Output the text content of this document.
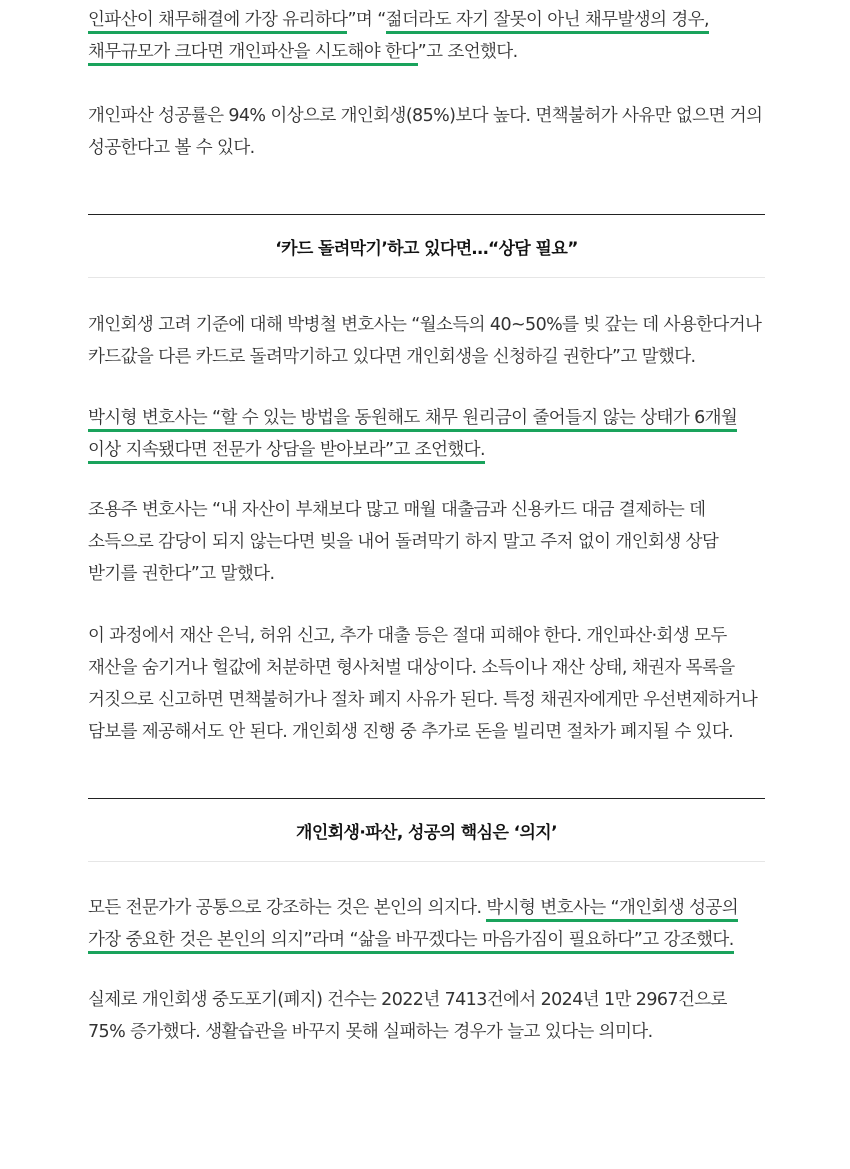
인파산이 채무해결에 가장 유리하다”며 “젊더라도 자기 잘못이 아닌 채무발생의 경우, 채무규모가 크다면 개인파산을 시도해야 한다”고 조언했다.

개인파산 성공률은 94% 이상으로 개인회생(85%)보다 높다. 면책불허가 사유만 없으면 거의 성공한다고 볼 수 있다.

‘카드 돌려막기’하고 있다면…“상담 필요”

개인회생 고려 기준에 대해 박병철 변호사는 “월소득의 40~50%를 빚 갚는 데 사용한다거나 카드값을 다른 카드로 돌려막기하고 있다면 개인회생을 신청하길 권한다”고 말했다.

박시형 변호사는 “할 수 있는 방법을 동원해도 채무 원리금이 줄어들지 않는 상태가 6개월 이상 지속됐다면 전문가 상담을 받아보라”고 조언했다.

조용주 변호사는 “내 자산이 부채보다 많고 매월 대출금과 신용카드 대금 결제하는 데 소득으로 감당이 되지 않는다면 빚을 내어 돌려막기 하지 말고 주저 없이 개인회생 상담 받기를 권한다”고 말했다.

이 과정에서 재산 은닉, 허위 신고, 추가 대출 등은 절대 피해야 한다. 개인파산·회생 모두 재산을 숨기거나 헐값에 처분하면 형사처벌 대상이다. 소득이나 재산 상태, 채권자 목록을 거짓으로 신고하면 면책불허가나 절차 폐지 사유가 된다. 특정 채권자에게만 우선변제하거나 담보를 제공해서도 안 된다. 개인회생 진행 중 추가로 돈을 빌리면 절차가 폐지될 수 있다.

개인회생·파산, 성공의 핵심은 ‘의지’

모든 전문가가 공통으로 강조하는 것은 본인의 의지다. 박시형 변호사는 “개인회생 성공의 가장 중요한 것은 본인의 의지”라며 “삶을 바꾸겠다는 마음가짐이 필요하다”고 강조했다.

실제로 개인회생 중도포기(폐지) 건수는 2022년 7413건에서 2024년 1만 2967건으로 75% 증가했다. 생활습관을 바꾸지 못해 실패하는 경우가 늘고 있다는 의미다.
